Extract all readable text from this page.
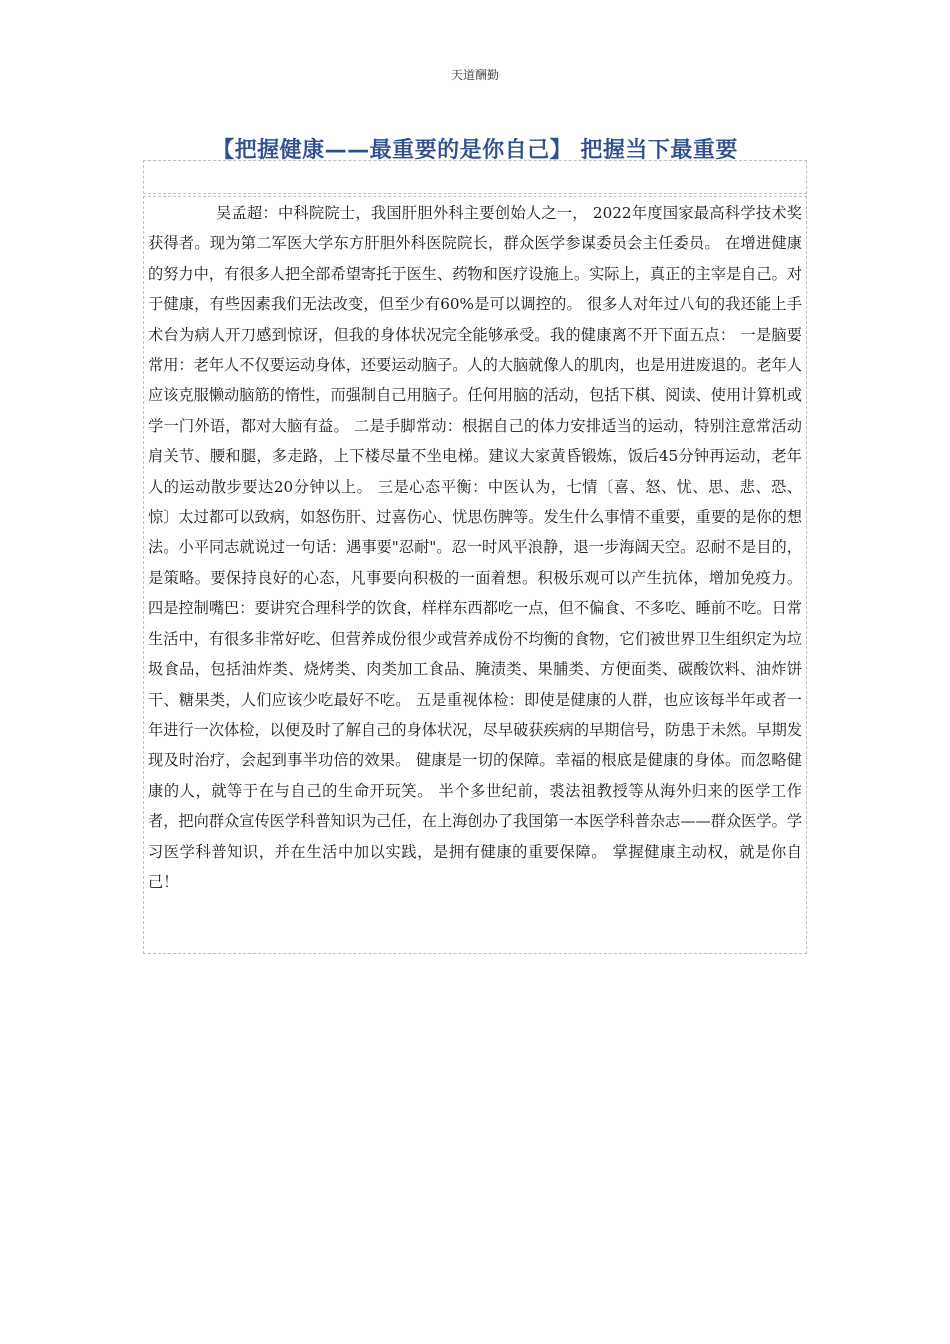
天道酬勤
【把握健康——最重要的是你自己】 把握当下最重要

吴孟超：中科院院士，我国肝胆外科主要创始人之一， 2022年度国家最高科学技术奖获得者。现为第二军医大学东方肝胆外科医院院长，群众医学参谋委员会主任委员。 在增进健康的努力中，有很多人把全部希望寄托于医生、药物和医疗设施上。实际上，真正的主宰是自己。对于健康，有些因素我们无法改变，但至少有60%是可以调控的。 很多人对年过八旬的我还能上手术台为病人开刀感到惊讶，但我的身体状况完全能够承受。我的健康离不开下面五点： 一是脑要常用：老年人不仅要运动身体，还要运动脑子。人的大脑就像人的肌肉，也是用进废退的。老年人应该克服懒动脑筋的惰性，而强制自己用脑子。任何用脑的活动，包括下棋、阅读、使用计算机或学一门外语，都对大脑有益。 二是手脚常动：根据自己的体力安排适当的运动，特别注意常活动肩关节、腰和腿，多走路，上下楼尽量不坐电梯。建议大家黄昏锻炼，饭后45分钟再运动，老年人的运动散步要达20分钟以上。 三是心态平衡：中医认为，七情〔喜、怒、忧、思、悲、恐、惊〕太过都可以致病，如怒伤肝、过喜伤心、忧思伤脾等。发生什么事情不重要，重要的是你的想法。小平同志就说过一句话：遇事要"忍耐"。忍一时风平浪静，退一步海阔天空。忍耐不是目的，是策略。要保持良好的心态，凡事要向积极的一面着想。积极乐观可以产生抗体，增加免疫力。 四是控制嘴巴：要讲究合理科学的饮食，样样东西都吃一点，但不偏食、不多吃、睡前不吃。日常生活中，有很多非常好吃、但营养成份很少或营养成份不均衡的食物，它们被世界卫生组织定为垃圾食品，包括油炸类、烧烤类、肉类加工食品、腌渍类、果脯类、方便面类、碳酸饮料、油炸饼干、糖果类，人们应该少吃最好不吃。 五是重视体检：即使是健康的人群，也应该每半年或者一年进行一次体检，以便及时了解自己的身体状况，尽早破获疾病的早期信号，防患于未然。早期发现及时治疗，会起到事半功倍的效果。 健康是一切的保障。幸福的根底是健康的身体。而忽略健康的人，就等于在与自己的生命开玩笑。 半个多世纪前，裘法祖教授等从海外归来的医学工作者，把向群众宣传医学科普知识为己任，在上海创办了我国第一本医学科普杂志——群众医学。学习医学科普知识，并在生活中加以实践，是拥有健康的重要保障。 掌握健康主动权，就是你自己！
